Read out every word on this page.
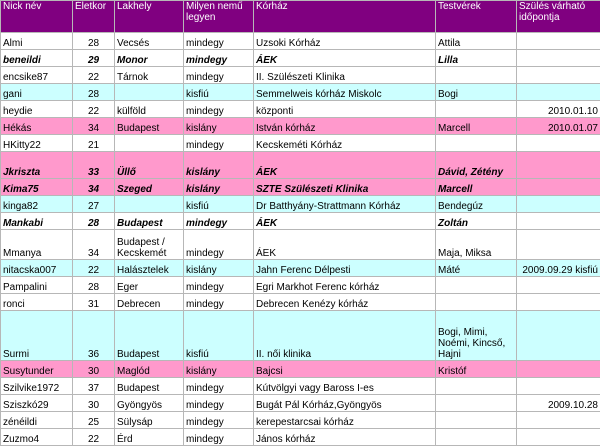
Nick név	Életkor	Lakhely	Milyen nemű legyen	Kórház	Testvérek	Szülés várható időpontja
Almi	28	Vecsés	mindegy	Uzsoki Kórház	Attila	
beneildi	29	Monor	mindegy	ÁEK	Lilla	
encsike87	22	Tárnok	mindegy	II. Szülészeti Klinika		
gani	28		kisfiú	Semmelweis kórház Miskolc	Bogi	
heydie	22	külföld	mindegy	központi		2010.01.10
Hékás	34	Budapest	kislány	István kórház	Marcell	2010.01.07
HKitty22	21		mindegy	Kecskeméti Kórház		
Jkriszta	33	Üllő	kislány	ÁEK	Dávid, Zétény	
Kima75	34	Szeged	kislány	SZTE Szülészeti Klinika	Marcell	
kinga82	27		kisfiú	Dr Batthyány-Strattmann Kórház	Bendegúz	
Mankabi	28	Budapest	mindegy	ÁEK	Zoltán	
Mmanya	34	Budapest / Kecskemét	mindegy	ÁEK	Maja, Miksa	
nitacska007	22	Halásztelek	kislány	Jahn Ferenc Délpesti	Máté	2009.09.29 kisfiú
Pampalini	28	Eger	mindegy	Egri Markhot Ferenc kórház		
ronci	31	Debrecen	mindegy	Debrecen Kenézy kórház		
Surmi	36	Budapest	kisfiú	II. női klinika	Bogi, Mimi, Noémi, Kincső, Hajni	
Susytunder	30	Maglód	kislány	Bajcsi	Kristóf	
Szilvike1972	37	Budapest	mindegy	Kútvölgyi vagy Baross I-es		
Sziszkó29	30	Gyöngyös	mindegy	Bugát Pál Kórház,Gyöngyös		2009.10.28
zénéildi	25	Sülysáp	mindegy	kerepestarcsai kórház		
Zuzmo4	22	Érd	mindegy	János kórház		
